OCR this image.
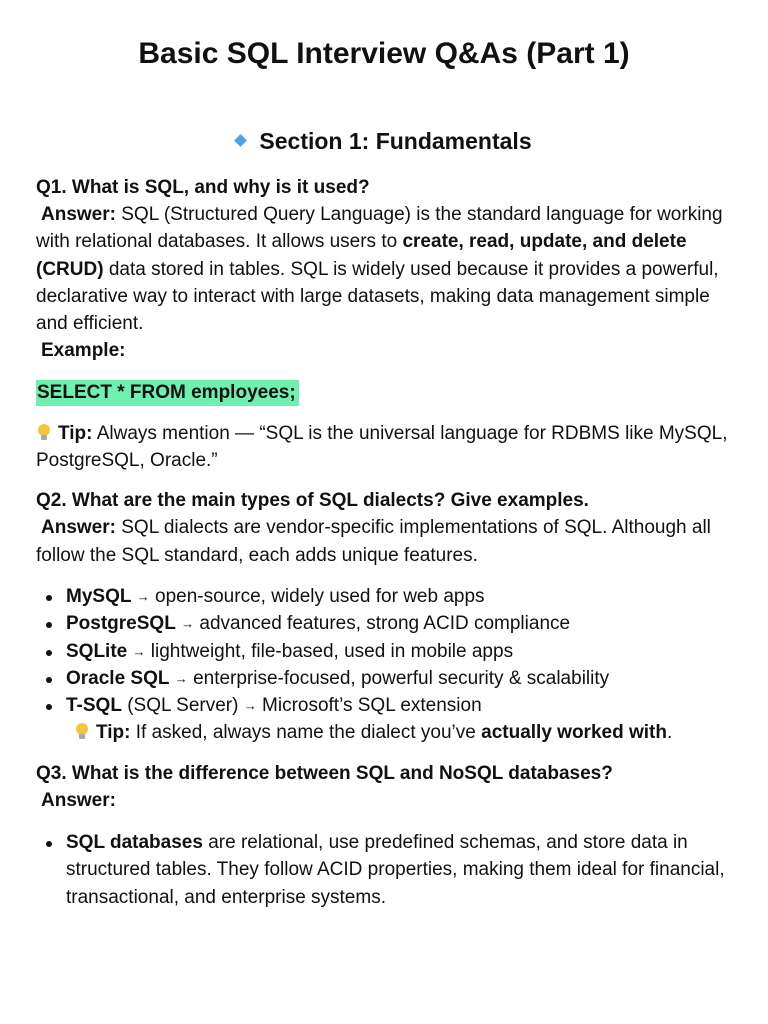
Basic SQL Interview Q&As (Part 1)
Section 1: Fundamentals

Q1. What is SQL, and why is it used?

Answer: SQL (Structured Query Language) is the standard language for working with relational databases. It allows users to create, read, update, and delete (CRUD) data stored in tables. SQL is widely used because it provides a powerful, declarative way to interact with large datasets, making data management simple and efficient.

Example:

SELECT * FROM employees;

Tip: Always mention — “SQL is the universal language for RDBMS like MySQL, PostgreSQL, Oracle.”

Q2. What are the main types of SQL dialects? Give examples.

Answer: SQL dialects are vendor-specific implementations of SQL. Although all follow the SQL standard, each adds unique features.

MySQL → open-source, widely used for web apps
PostgreSQL → advanced features, strong ACID compliance
SQLite → lightweight, file-based, used in mobile apps
Oracle SQL → enterprise-focused, powerful security & scalability
T-SQL (SQL Server) → Microsoft’s SQL extension

Tip: If asked, always name the dialect you’ve actually worked with.

Q3. What is the difference between SQL and NoSQL databases?

Answer:

SQL databases are relational, use predefined schemas, and store data in structured tables. They follow ACID properties, making them ideal for financial, transactional, and enterprise systems.
